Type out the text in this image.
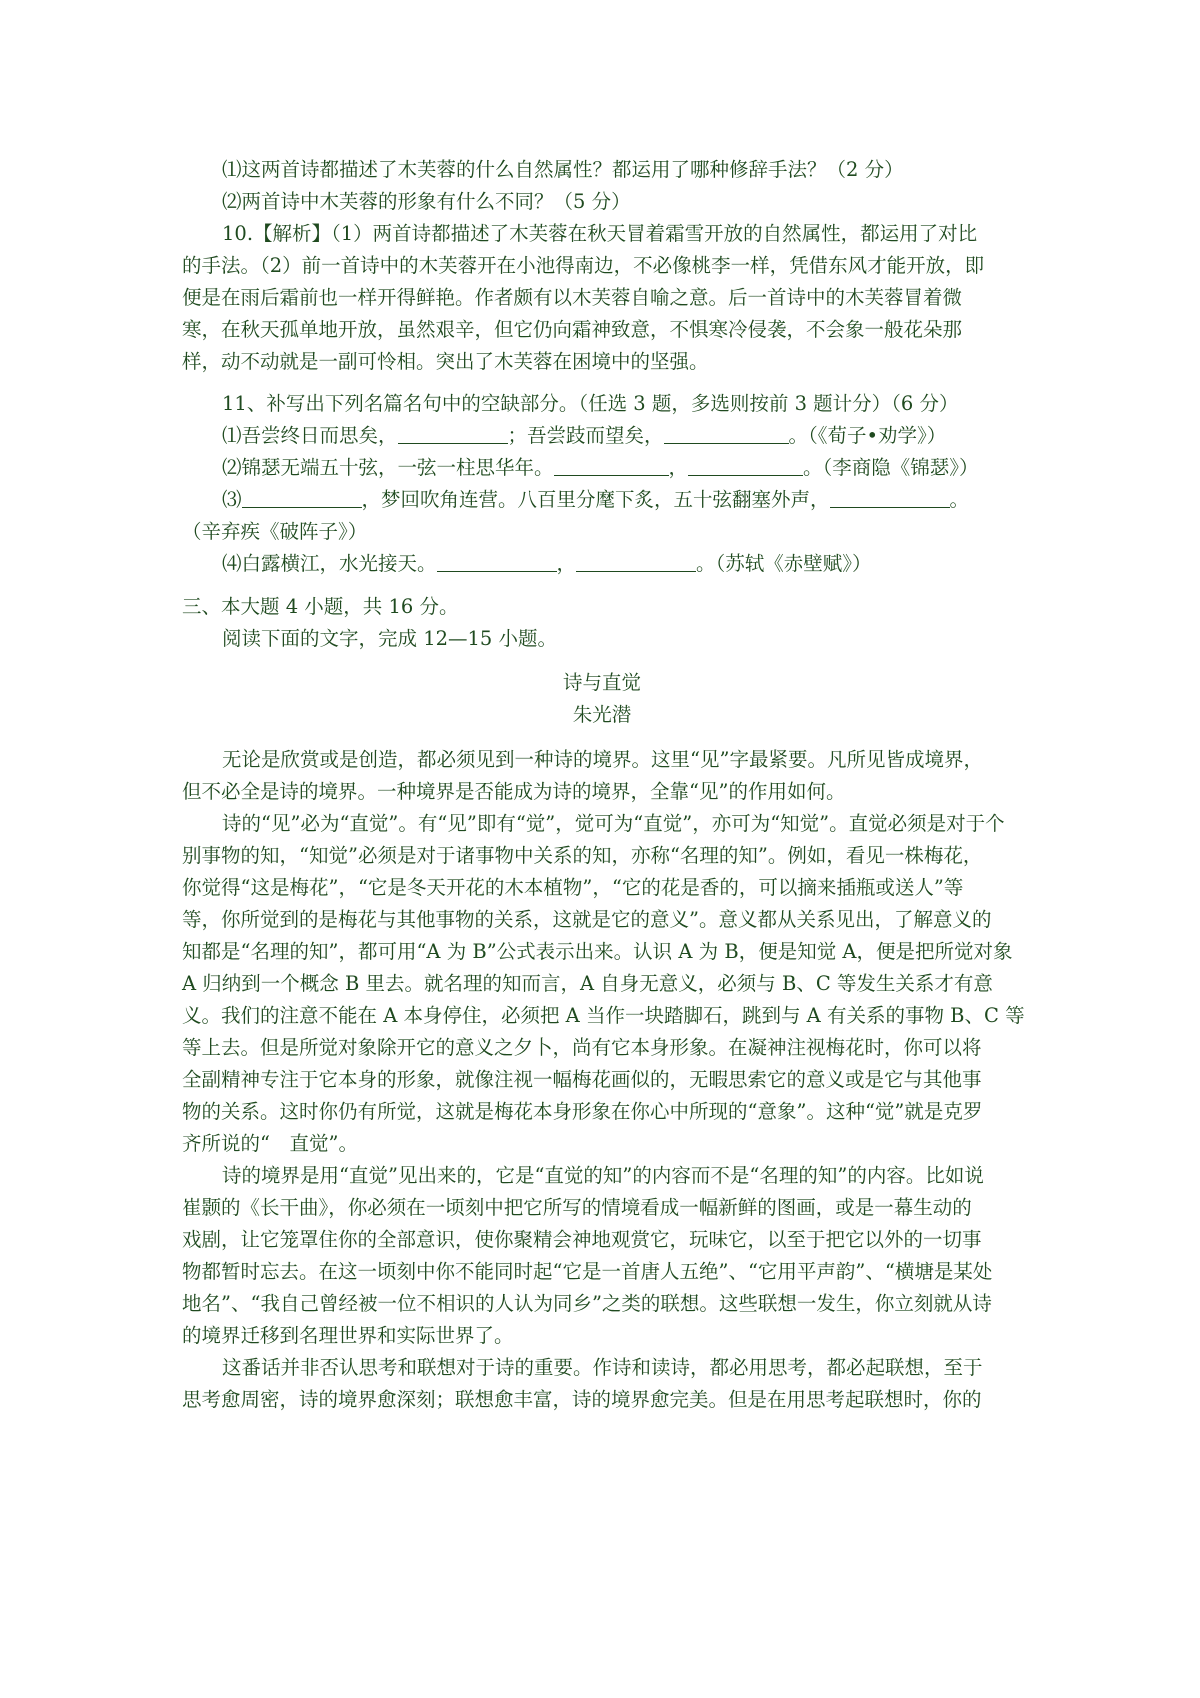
⑴这两首诗都描述了木芙蓉的什么自然属性？都运用了哪种修辞手法？（2 分）
⑵两首诗中木芙蓉的形象有什么不同？（5 分）
10.【解析】（1）两首诗都描述了木芙蓉在秋天冒着霜雪开放的自然属性，都运用了对比
的手法。（2）前一首诗中的木芙蓉开在小池得南边，不必像桃李一样，凭借东风才能开放，即
便是在雨后霜前也一样开得鲜艳。作者颇有以木芙蓉自喻之意。后一首诗中的木芙蓉冒着微
寒，在秋天孤单地开放，虽然艰辛，但它仍向霜神致意，不惧寒冷侵袭，不会象一般花朵那
样，动不动就是一副可怜相。突出了木芙蓉在困境中的坚强。
11、补写出下列名篇名句中的空缺部分。（任选 3 题，多选则按前 3 题计分）（6 分）
⑴吾尝终日而思矣，	；吾尝跂而望矣，	。（《荀子•劝学》）
⑵锦瑟无端五十弦，一弦一柱思华年。	，	。（李商隐《锦瑟》）
⑶	，梦回吹角连营。八百里分麾下炙，五十弦翻塞外声，	。
（辛弃疾《破阵子》）
⑷白露横江，水光接天。	，	。（苏轼《赤壁赋》）
三、本大题 4 小题，共 16 分。
阅读下面的文字，完成 12—15 小题。
诗与直觉
朱光潜
无论是欣赏或是创造，都必须见到一种诗的境界。这里“见”字最紧要。凡所见皆成境界，
但不必全是诗的境界。一种境界是否能成为诗的境界，全靠“见”的作用如何。
诗的“见”必为“直觉”。有“见”即有“觉”，觉可为“直觉”，亦可为“知觉”。直觉必须是对于个
别事物的知，“知觉”必须是对于诸事物中关系的知，亦称“名理的知”。例如，看见一株梅花，
你觉得“这是梅花”，“它是冬天开花的木本植物”，“它的花是香的，可以摘来插瓶或送人”等
等，你所觉到的是梅花与其他事物的关系，这就是它的意义”。意义都从关系见出，了解意义的
知都是“名理的知”，都可用“A 为 B”公式表示出来。认识 A 为 B，便是知觉 A，便是把所觉对象
A 归纳到一个概念 B 里去。就名理的知而言，A 自身无意义，必须与 B、C 等发生关系才有意
义。我们的注意不能在 A 本身停住，必须把 A 当作一块踏脚石，跳到与 A 有关系的事物 B、C 等
等上去。但是所觉对象除开它的意义之夕卜，尚有它本身形象。在凝神注视梅花时，你可以将
全副精神专注于它本身的形象，就像注视一幅梅花画似的，无暇思索它的意义或是它与其他事
物的关系。这时你仍有所觉，这就是梅花本身形象在你心中所现的“意象”。这种“觉”就是克罗
齐所说的“　直觉”。
诗的境界是用“直觉”见出来的，它是“直觉的知”的内容而不是“名理的知”的内容。比如说
崔颢的《长干曲》，你必须在一顷刻中把它所写的情境看成一幅新鲜的图画，或是一幕生动的
戏剧，让它笼罩住你的全部意识，使你聚精会神地观赏它，玩味它，以至于把它以外的一切事
物都暂时忘去。在这一顷刻中你不能同时起“它是一首唐人五绝”、“它用平声韵”、“横塘是某处
地名”、“我自己曾经被一位不相识的人认为同乡”之类的联想。这些联想一发生，你立刻就从诗
的境界迁移到名理世界和实际世界了。
这番话并非否认思考和联想对于诗的重要。作诗和读诗，都必用思考，都必起联想，至于
思考愈周密，诗的境界愈深刻；联想愈丰富，诗的境界愈完美。但是在用思考起联想时，你的
